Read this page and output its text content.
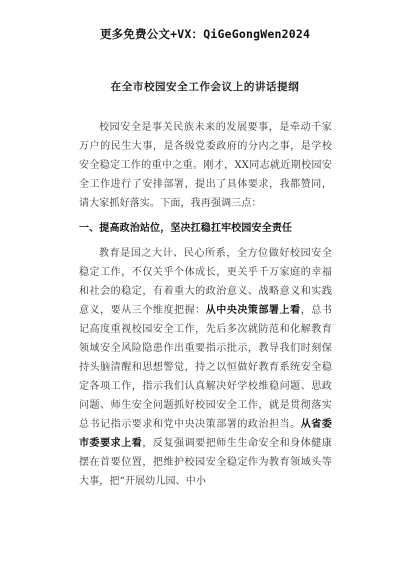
更多免费公文+VX：QiGeGongWen2024
在全市校园安全工作会议上的讲话提纲

校园安全是事关民族未来的发展要事，是牵动千家万户的民生大事，是各级党委政府的分内之事，是学校安全稳定工作的重中之重。刚才，XX同志就近期校园安全工作进行了安排部署，提出了具体要求，我都赞同，请大家抓好落实。下面，我再强调三点：

一、提高政治站位，坚决扛稳扛牢校园安全责任

教育是国之大计、民心所系，全方位做好校园安全稳定工作，不仅关乎个体成长，更关乎千万家庭的幸福和社会的稳定，有着重大的政治意义、战略意义和实践意义，要从三个维度把握：从中央决策部署上看，总书记高度重视校园安全工作，先后多次就防范和化解教育领域安全风险隐患作出重要指示批示，教导我们时刻保持头脑清醒和思想警觉，持之以恒做好教育系统安全稳定各项工作，指示我们认真解决好学校维稳问题、思政问题、师生安全问题抓好校园安全工作，就是贯彻落实总书记指示要求和党中央决策部署的政治担当。从省委市委要求上看，反复强调要把师生生命安全和身体健康摆在首要位置，把维护校园安全稳定作为教育领域头等大事，把“开展幼儿园、中小
